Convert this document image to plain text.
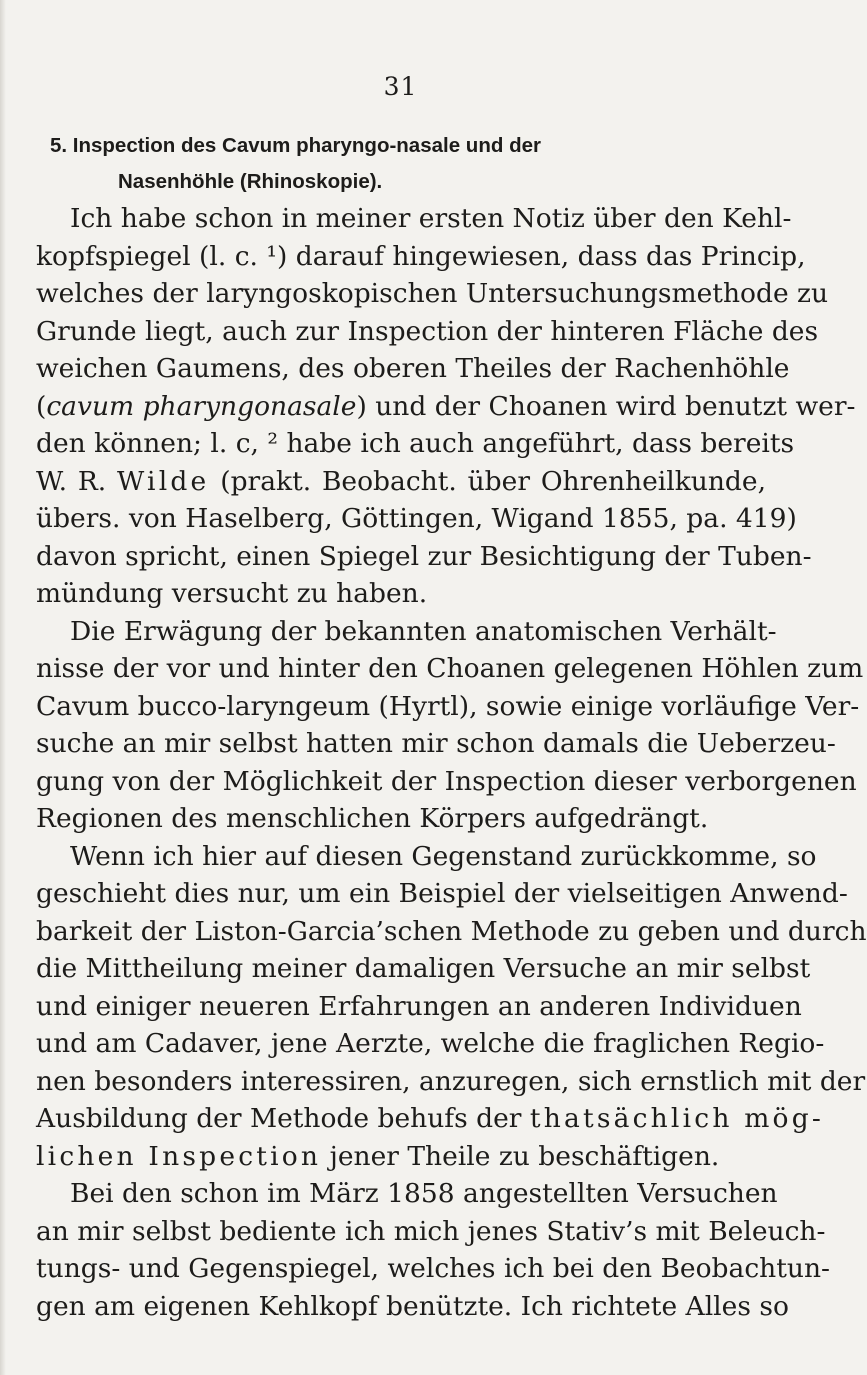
31
5. Inspection des Cavum pharyngo-nasale und der
Nasenhöhle (Rhinoskopie).

Ich habe schon in meiner ersten Notiz über den Kehl-
kopfspiegel (l. c. ¹) darauf hingewiesen, dass das Princip,
welches der laryngoskopischen Untersuchungsmethode zu
Grunde liegt, auch zur Inspection der hinteren Fläche des
weichen Gaumens, des oberen Theiles der Rachenhöhle
(cavum pharyngonasale) und der Choanen wird benutzt wer-
den können; l. c, ² habe ich auch angeführt, dass bereits
W. R. Wilde (prakt. Beobacht. über Ohrenheilkunde,
übers. von Haselberg, Göttingen, Wigand 1855, pa. 419)
davon spricht, einen Spiegel zur Besichtigung der Tuben-
mündung versucht zu haben.

Die Erwägung der bekannten anatomischen Verhält-
nisse der vor und hinter den Choanen gelegenen Höhlen zum
Cavum bucco-laryngeum (Hyrtl), sowie einige vorläufige Ver-
suche an mir selbst hatten mir schon damals die Ueberzeu-
gung von der Möglichkeit der Inspection dieser verborgenen
Regionen des menschlichen Körpers aufgedrängt.

Wenn ich hier auf diesen Gegenstand zurückkomme, so
geschieht dies nur, um ein Beispiel der vielseitigen Anwend-
barkeit der Liston-Garcia’schen Methode zu geben und durch
die Mittheilung meiner damaligen Versuche an mir selbst
und einiger neueren Erfahrungen an anderen Individuen
und am Cadaver, jene Aerzte, welche die fraglichen Regio-
nen besonders interessiren, anzuregen, sich ernstlich mit der
Ausbildung der Methode behufs der thatsächlich mög-
lichen Inspection jener Theile zu beschäftigen.

Bei den schon im März 1858 angestellten Versuchen
an mir selbst bediente ich mich jenes Stativ’s mit Beleuch-
tungs- und Gegenspiegel, welches ich bei den Beobachtun-
gen am eigenen Kehlkopf benützte. Ich richtete Alles so
